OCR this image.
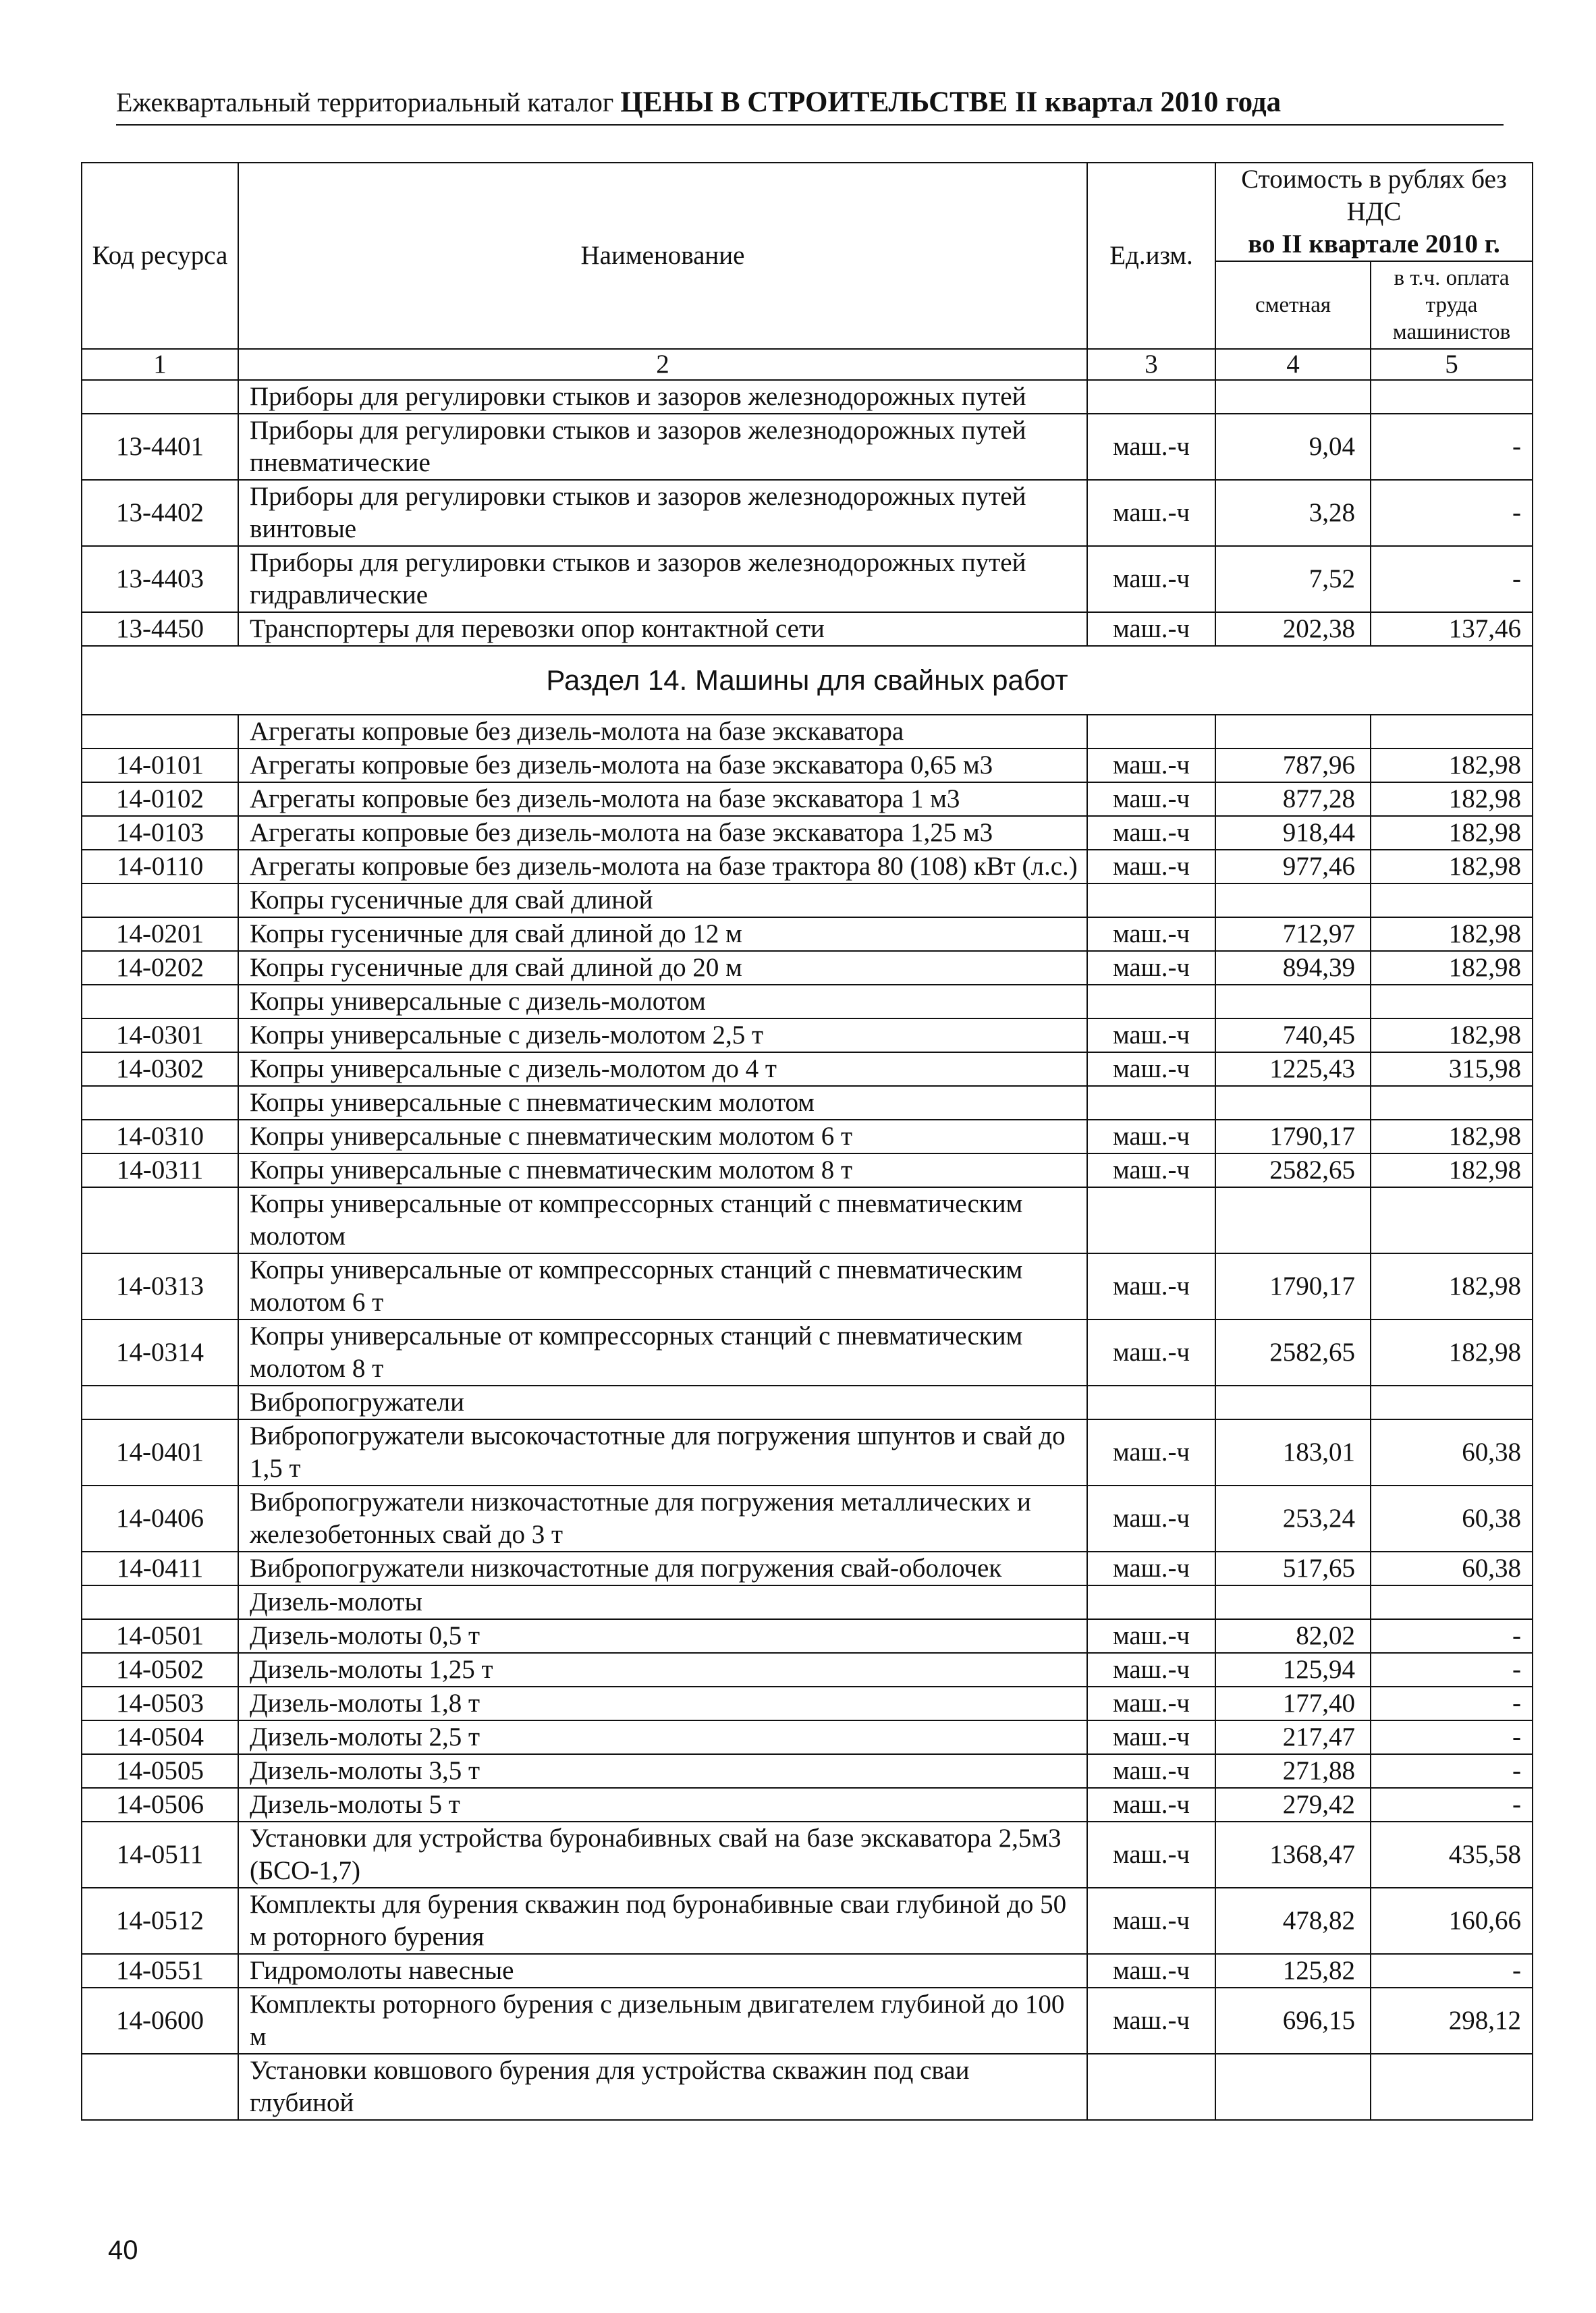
Ежеквартальный территориальный каталог ЦЕНЫ В СТРОИТЕЛЬСТВЕ II квартал 2010 года
Код ресурса	Наименование	Ед.изм.	Стоимость в рублях без НДС
во II квартале 2010 г.	

			сметная	в т.ч. оплата труда машинистов
1	2	3	4	5
	Приборы для регулировки стыков и зазоров железнодорожных путей			
13-4401	Приборы для регулировки стыков и зазоров железнодорожных путей пневматические	маш.-ч	9,04	-
13-4402	Приборы для регулировки стыков и зазоров железнодорожных путей винтовые	маш.-ч	3,28	-
13-4403	Приборы для регулировки стыков и зазоров железнодорожных путей гидравлические	маш.-ч	7,52	-
13-4450	Транспортеры для перевозки опор контактной сети	маш.-ч	202,38	137,46
Раздел 14. Машины для свайных работ				
	Агрегаты копровые без дизель-молота на базе экскаватора			
14-0101	Агрегаты копровые без дизель-молота на базе экскаватора 0,65 м3	маш.-ч	787,96	182,98
14-0102	Агрегаты копровые без дизель-молота на базе экскаватора 1 м3	маш.-ч	877,28	182,98
14-0103	Агрегаты копровые без дизель-молота на базе экскаватора 1,25 м3	маш.-ч	918,44	182,98
14-0110	Агрегаты копровые без дизель-молота на базе трактора 80 (108) кВт (л.с.)	маш.-ч	977,46	182,98
	Копры гусеничные для свай длиной			
14-0201	Копры гусеничные для свай длиной до 12 м	маш.-ч	712,97	182,98
14-0202	Копры гусеничные для свай длиной до 20 м	маш.-ч	894,39	182,98
	Копры универсальные с дизель-молотом			
14-0301	Копры универсальные с дизель-молотом 2,5 т	маш.-ч	740,45	182,98
14-0302	Копры универсальные с дизель-молотом до 4 т	маш.-ч	1225,43	315,98
	Копры универсальные с пневматическим молотом			
14-0310	Копры универсальные с пневматическим молотом 6 т	маш.-ч	1790,17	182,98
14-0311	Копры универсальные с пневматическим молотом 8 т	маш.-ч	2582,65	182,98
	Копры универсальные от компрессорных станций с пневматическим молотом			
14-0313	Копры универсальные от компрессорных станций с пневматическим молотом 6 т	маш.-ч	1790,17	182,98
14-0314	Копры универсальные от компрессорных станций с пневматическим молотом 8 т	маш.-ч	2582,65	182,98
	Вибропогружатели			
14-0401	Вибропогружатели высокочастотные для погружения шпунтов и свай до 1,5 т	маш.-ч	183,01	60,38
14-0406	Вибропогружатели низкочастотные для погружения металлических и железобетонных свай до 3 т	маш.-ч	253,24	60,38
14-0411	Вибропогружатели низкочастотные для погружения свай-оболочек	маш.-ч	517,65	60,38
	Дизель-молоты			
14-0501	Дизель-молоты 0,5 т	маш.-ч	82,02	-
14-0502	Дизель-молоты 1,25 т	маш.-ч	125,94	-
14-0503	Дизель-молоты 1,8 т	маш.-ч	177,40	-
14-0504	Дизель-молоты 2,5 т	маш.-ч	217,47	-
14-0505	Дизель-молоты 3,5 т	маш.-ч	271,88	-
14-0506	Дизель-молоты 5 т	маш.-ч	279,42	-
14-0511	Установки для устройства буронабивных свай на базе экскаватора 2,5м3 (БСО-1,7)	маш.-ч	1368,47	435,58
14-0512	Комплекты для бурения скважин под буронабивные сваи глубиной до 50 м роторного бурения	маш.-ч	478,82	160,66
14-0551	Гидромолоты навесные	маш.-ч	125,82	-
14-0600	Комплекты роторного бурения с дизельным двигателем глубиной до 100 м	маш.-ч	696,15	298,12
	Установки ковшового бурения для устройства скважин под сваи глубиной			
40
